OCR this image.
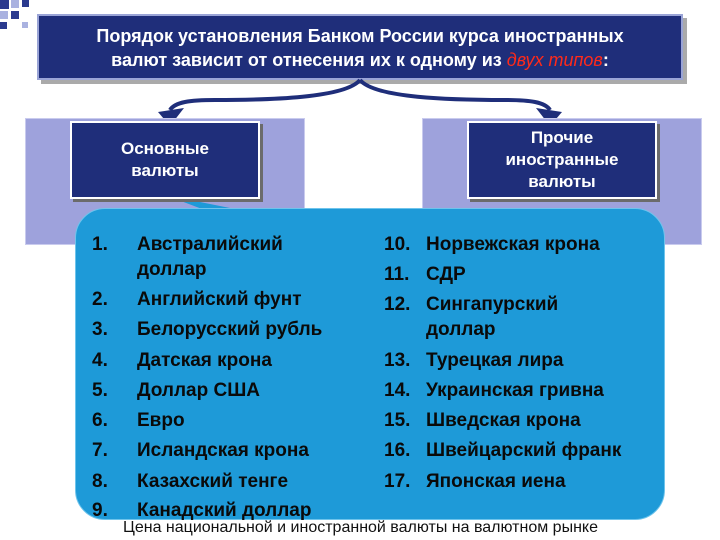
Порядок установления Банком России курса иностранных
валют зависит от отнесения их к одному из двух типов:
Основные валюты
Прочие иностранные валюты
1. Австралийский
доллар
2. Английский фунт
3. Белорусский рубль
4. Датская крона
5. Доллар США
6. Евро
7. Исландская крона
8. Казахский тенге
9. Канадский доллар
10. Норвежская крона
11. СДР
12. Сингапурский
доллар
13. Турецкая лира
14. Украинская гривна
15. Шведская крона
16. Швейцарский франк
17. Японская иена
Цена национальной и иностранной валюты на валютном рынке
